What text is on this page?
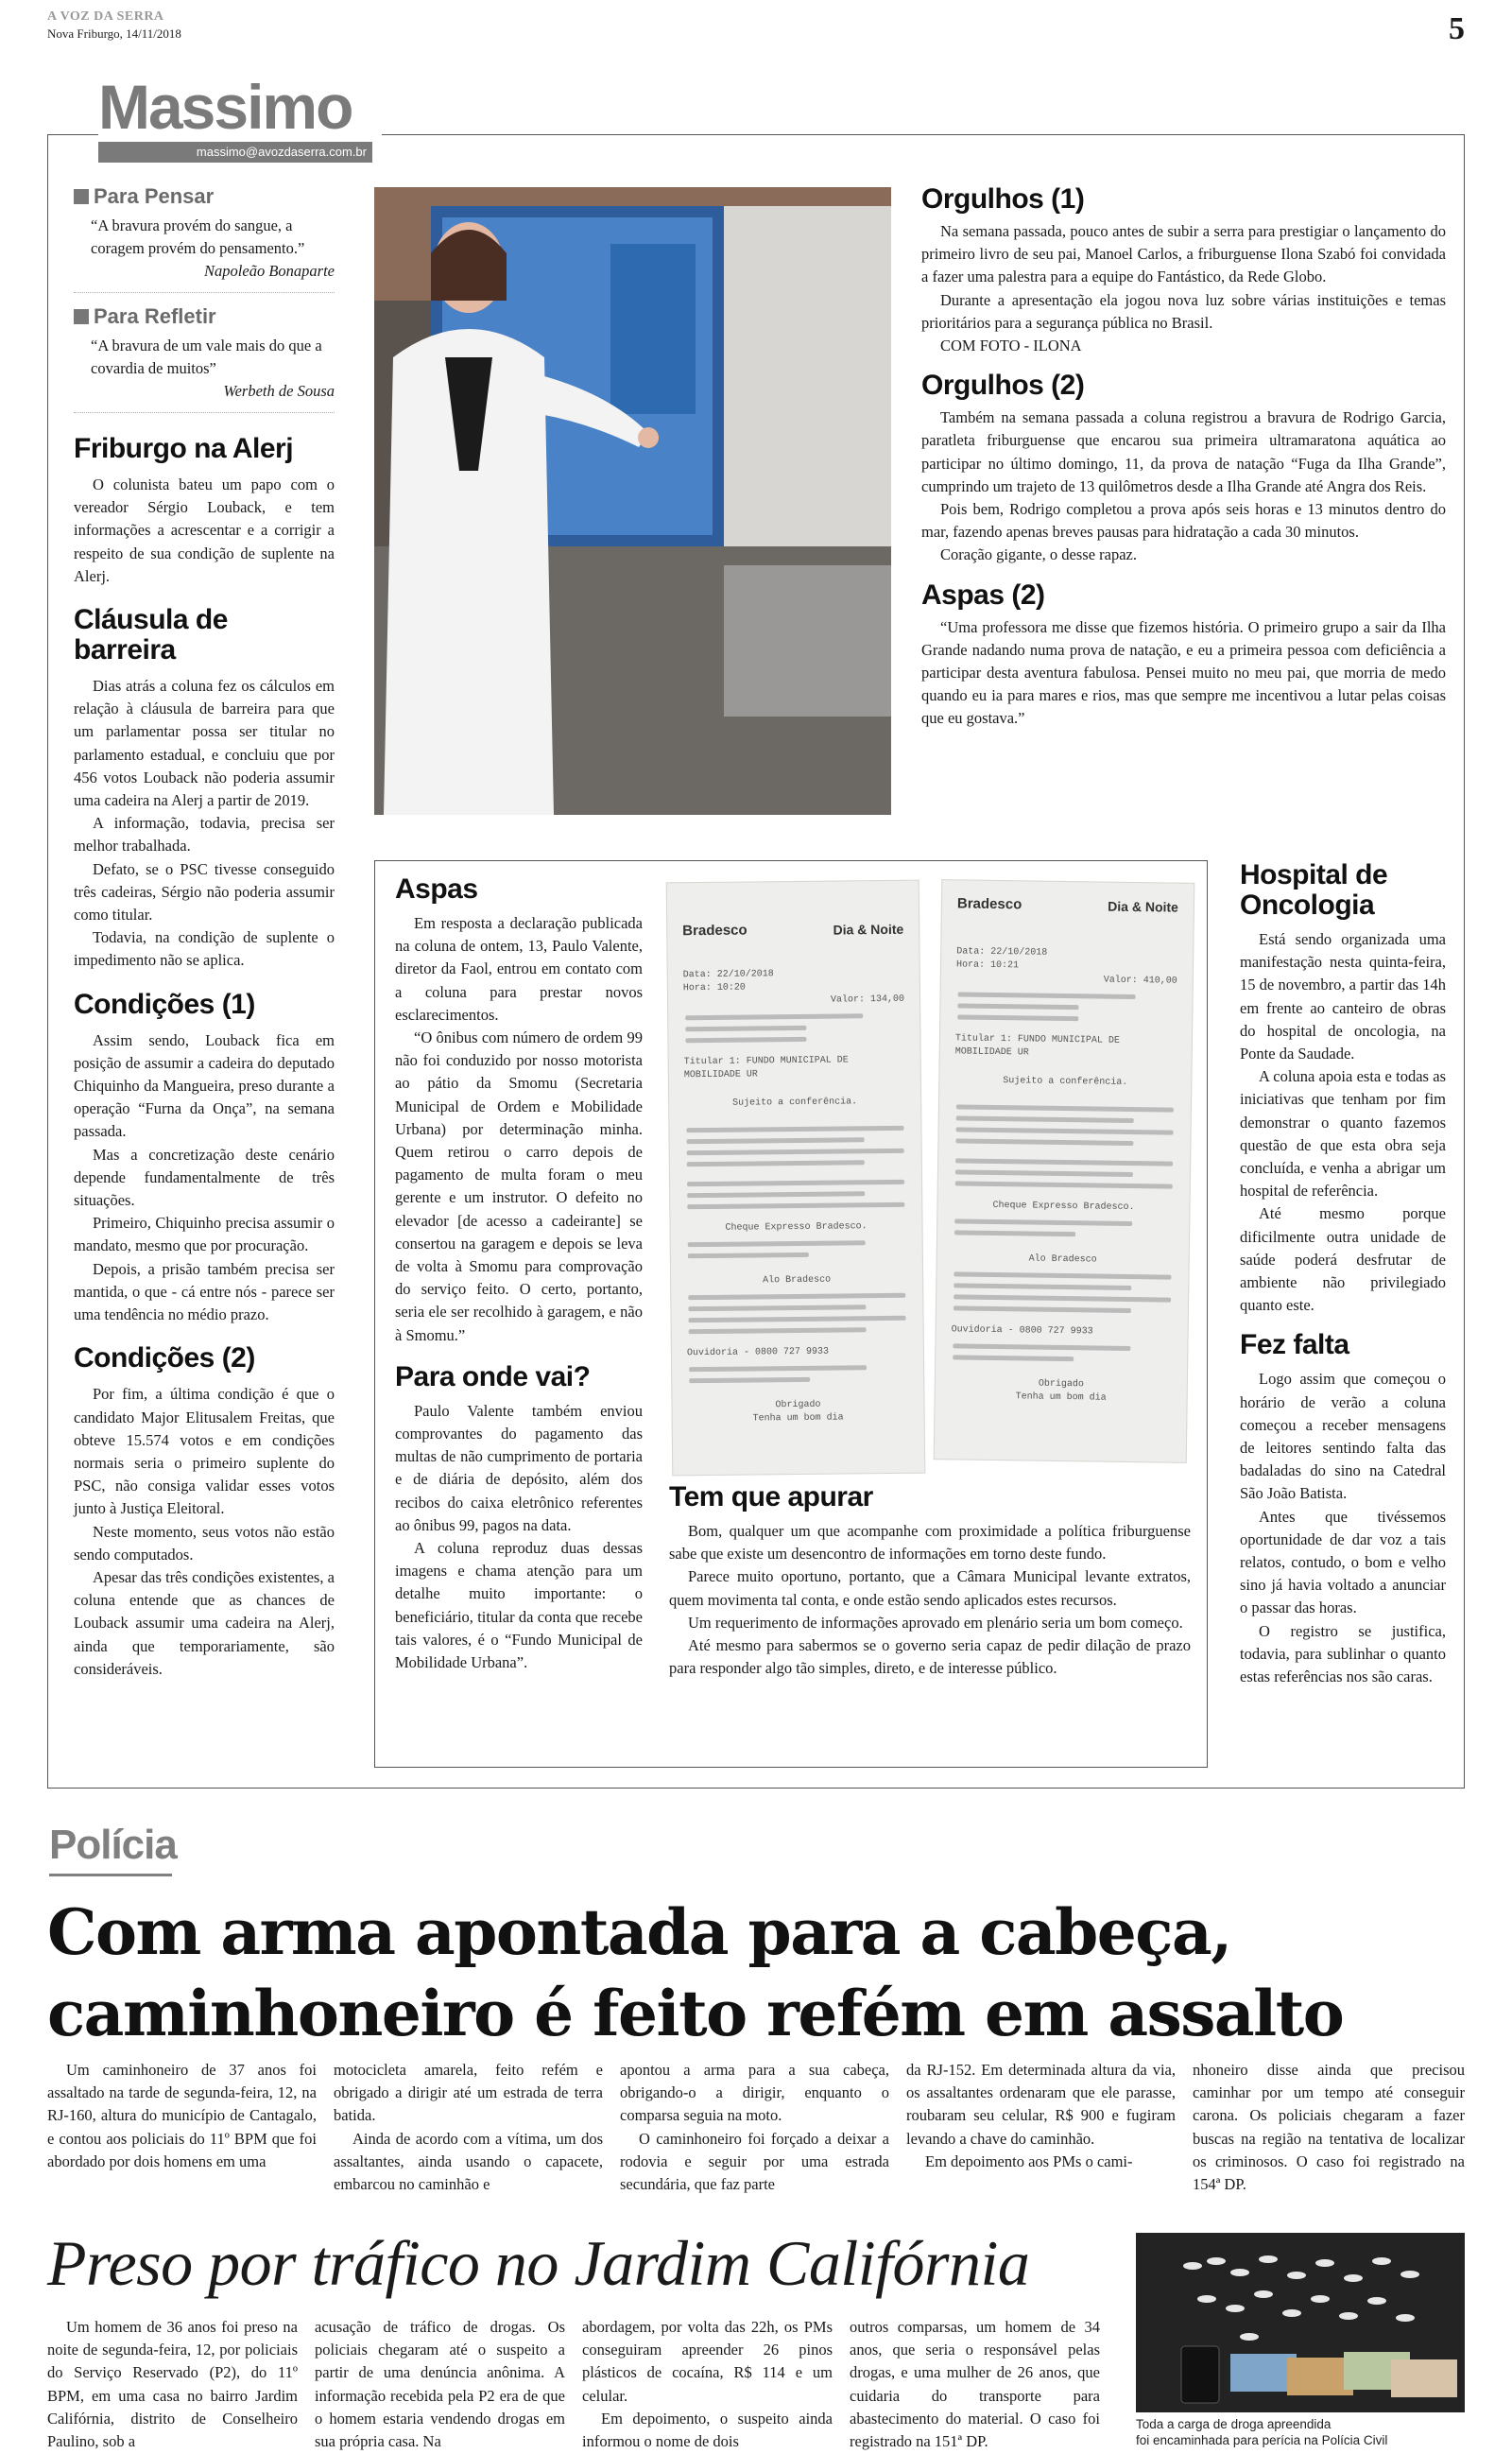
A VOZ DA SERRA
Nova Friburgo, 14/11/2018	5
Massimo
massimo@avozdaserra.com.br
Para Pensar
“A bravura provém do sangue, a coragem provém do pensamento.”
Napoleão Bonaparte
Para Refletir
“A bravura de um vale mais do que a covardia de muitos”
Werbeth de Sousa
Friburgo na Alerj

O colunista bateu um papo com o vereador Sérgio Louback, e tem informações a acrescentar e a corrigir a respeito de sua condição de suplente na Alerj.

Cláusula de barreira

Dias atrás a coluna fez os cálculos em relação à cláusula de barreira para que um parlamentar possa ser titular no parlamento estadual, e concluiu que por 456 votos Louback não poderia assumir uma cadeira na Alerj a partir de 2019.

A informação, todavia, precisa ser melhor trabalhada.

Defato, se o PSC tivesse conseguido três cadeiras, Sérgio não poderia assumir como titular.

Todavia, na condição de suplente o impedimento não se aplica.

Condições (1)

Assim sendo, Louback fica em posição de assumir a cadeira do deputado Chiquinho da Mangueira, preso durante a operação “Furna da Onça”, na semana passada.

Mas a concretização deste cenário depende fundamentalmente de três situações.

Primeiro, Chiquinho precisa assumir o mandato, mesmo que por procuração.

Depois, a prisão também precisa ser mantida, o que - cá entre nós - parece ser uma tendência no médio prazo.

Condições (2)

Por fim, a última condição é que o candidato Major Elitusalem Freitas, que obteve 15.574 votos e em condições normais seria o primeiro suplente do PSC, não consiga validar esses votos junto à Justiça Eleitoral.

Neste momento, seus votos não estão sendo computados.

Apesar das três condições existentes, a coluna entende que as chances de Louback assumir uma cadeira na Alerj, ainda que temporariamente, são consideráveis.

Orgulhos (1)

Na semana passada, pouco antes de subir a serra para prestigiar o lançamento do primeiro livro de seu pai, Manoel Carlos, a friburguense Ilona Szabó foi convidada a fazer uma palestra para a equipe do Fantástico, da Rede Globo.

Durante a apresentação ela jogou nova luz sobre várias instituições e temas prioritários para a segurança pública no Brasil.

COM FOTO - ILONA

Orgulhos (2)

Também na semana passada a coluna registrou a bravura de Rodrigo Garcia, paratleta friburguense que encarou sua primeira ultramaratona aquática ao participar no último domingo, 11, da prova de natação “Fuga da Ilha Grande”, cumprindo um trajeto de 13 quilômetros desde a Ilha Grande até Angra dos Reis.

Pois bem, Rodrigo completou a prova após seis horas e 13 minutos dentro do mar, fazendo apenas breves pausas para hidratação a cada 30 minutos.

Coração gigante, o desse rapaz.

Aspas (2)

“Uma professora me disse que fizemos história. O primeiro grupo a sair da Ilha Grande nadando numa prova de natação, e eu a primeira pessoa com deficiência a participar desta aventura fabulosa. Pensei muito no meu pai, que morria de medo quando eu ia para mares e rios, mas que sempre me incentivou a lutar pelas coisas que eu gostava.”

Aspas

Em resposta a declaração publicada na coluna de ontem, 13, Paulo Valente, diretor da Faol, entrou em contato com a coluna para prestar novos esclarecimentos.

“O ônibus com número de ordem 99 não foi conduzido por nosso motorista ao pátio da Smomu (Secretaria Municipal de Ordem e Mobilidade Urbana) por determinação minha. Quem retirou o carro depois de pagamento de multa foram o meu gerente e um instrutor. O defeito no elevador [de acesso a cadeirante] se consertou na garagem e depois se leva de volta à Smomu para comprovação do serviço feito. O certo, portanto, seria ele ser recolhido à garagem, e não à Smomu.”

Para onde vai?

Paulo Valente também enviou comprovantes do pagamento das multas de não cumprimento de portaria e de diária de depósito, além dos recibos do caixa eletrônico referentes ao ônibus 99, pagos na data.

A coluna reproduz duas dessas imagens e chama atenção para um detalhe muito importante: o beneficiário, titular da conta que recebe tais valores, é o “Fundo Municipal de Mobilidade Urbana”.

Bradesco	Dia & Noite
Data: 22/10/2018
Hora: 10:20
Valor: 134,00
Titular 1: FUNDO MUNICIPAL DE MOBILIDADE UR
Sujeito a conferência.
Cheque Expresso Bradesco.
Alo Bradesco
Ouvidoria - 0800 727 9933
Obrigado
Tenha um bom dia
Bradesco	Dia & Noite
Data: 22/10/2018
Hora: 10:21
Valor: 410,00
Titular 1: FUNDO MUNICIPAL DE MOBILIDADE UR
Sujeito a conferência.
Cheque Expresso Bradesco.
Alo Bradesco
Ouvidoria - 0800 727 9933
Obrigado
Tenha um bom dia
Tem que apurar

Bom, qualquer um que acompanhe com proximidade a política friburguense sabe que existe um desencontro de informações em torno deste fundo.

Parece muito oportuno, portanto, que a Câmara Municipal levante extratos, quem movimenta tal conta, e onde estão sendo aplicados estes recursos.

Um requerimento de informações aprovado em plenário seria um bom começo.

Até mesmo para sabermos se o governo seria capaz de pedir dilação de prazo para responder algo tão simples, direto, e de interesse público.

Hospital de Oncologia

Está sendo organizada uma manifestação nesta quinta-feira, 15 de novembro, a partir das 14h em frente ao canteiro de obras do hospital de oncologia, na Ponte da Saudade.

A coluna apoia esta e todas as iniciativas que tenham por fim demonstrar o quanto fazemos questão de que esta obra seja concluída, e venha a abrigar um hospital de referência.

Até mesmo porque dificilmente outra unidade de saúde poderá desfrutar de ambiente não privilegiado quanto este.

Fez falta

Logo assim que começou o horário de verão a coluna começou a receber mensagens de leitores sentindo falta das badaladas do sino na Catedral São João Batista.

Antes que tivéssemos oportunidade de dar voz a tais relatos, contudo, o bom e velho sino já havia voltado a anunciar o passar das horas.

O registro se justifica, todavia, para sublinhar o quanto estas referências nos são caras.

Polícia
Com arma apontada para a cabeça,
caminhoneiro é feito refém em assalto

Um caminhoneiro de 37 anos foi assaltado na tarde de segunda-feira, 12, na RJ-160, altura do município de Cantagalo, e contou aos policiais do 11º BPM que foi abordado por dois homens em uma

motocicleta amarela, feito refém e obrigado a dirigir até um estrada de terra batida.

Ainda de acordo com a vítima, um dos assaltantes, ainda usando o capacete, embarcou no caminhão e

apontou a arma para a sua cabeça, obrigando-o a dirigir, enquanto o comparsa seguia na moto.

O caminhoneiro foi forçado a deixar a rodovia e seguir por uma estrada secundária, que faz parte

da RJ-152. Em determinada altura da via, os assaltantes ordenaram que ele parasse, roubaram seu celular, R$ 900 e fugiram levando a chave do caminhão.

Em depoimento aos PMs o cami-

nhoneiro disse ainda que precisou caminhar por um tempo até conseguir carona. Os policiais chegaram a fazer buscas na região na tentativa de localizar os criminosos. O caso foi registrado na 154ª DP.

Preso por tráfico no Jardim Califórnia

Um homem de 36 anos foi preso na noite de segunda-feira, 12, por policiais do Serviço Reservado (P2), do 11º BPM, em uma casa no bairro Jardim Califórnia, distrito de Conselheiro Paulino, sob a

acusação de tráfico de drogas. Os policiais chegaram até o suspeito a partir de uma denúncia anônima. A informação recebida pela P2 era de que o homem estaria vendendo drogas em sua própria casa. Na

abordagem, por volta das 22h, os PMs conseguiram apreender 26 pinos plásticos de cocaína, R$ 114 e um celular.

Em depoimento, o suspeito ainda informou o nome de dois

outros comparsas, um homem de 34 anos, que seria o responsável pelas drogas, e uma mulher de 26 anos, que cuidaria do transporte para abastecimento do material. O caso foi registrado na 151ª DP.

Toda a carga de droga apreendida
foi encaminhada para perícia na Polícia Civil
